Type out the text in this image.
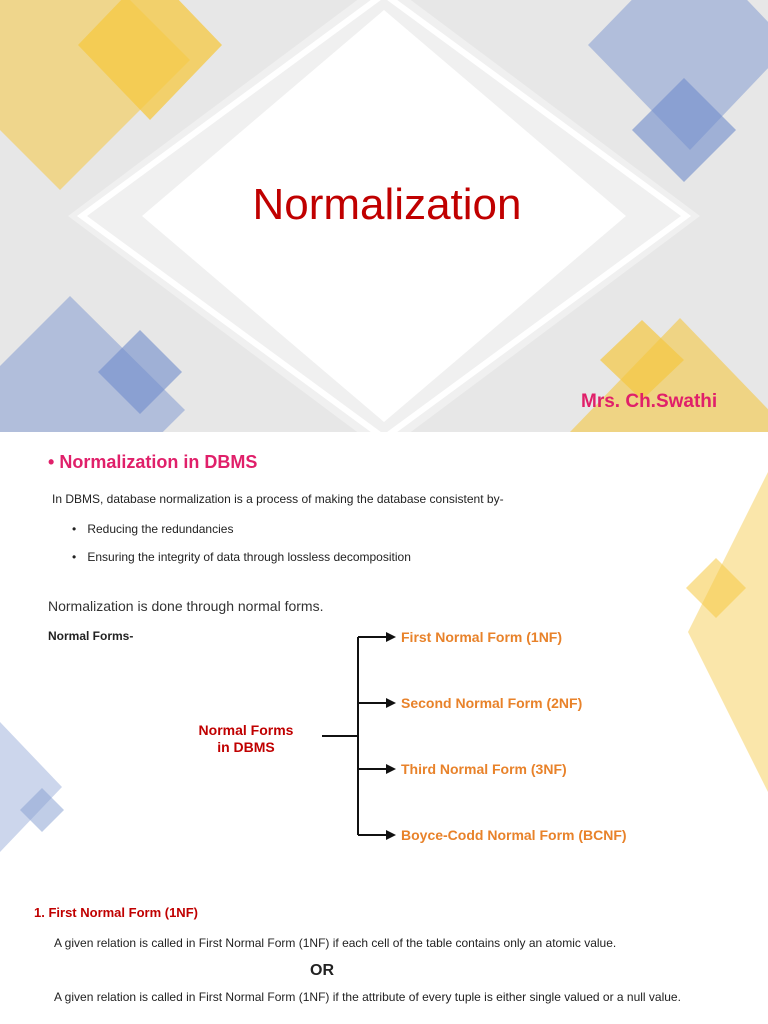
Normalization
Mrs. Ch.Swathi
• Normalization in DBMS
In DBMS, database normalization is a process of making the database consistent by-
• Reducing the redundancies
• Ensuring the integrity of data through lossless decomposition
Normalization is done through normal forms.
Normal Forms-
Normal Forms
in DBMS
First Normal Form (1NF)
Second Normal Form (2NF)
Third Normal Form (3NF)
Boyce-Codd Normal Form (BCNF)
1. First Normal Form (1NF)
A given relation is called in First Normal Form (1NF) if each cell of the table contains only an atomic value.
OR
A given relation is called in First Normal Form (1NF) if the attribute of every tuple is either single valued or a null value.
